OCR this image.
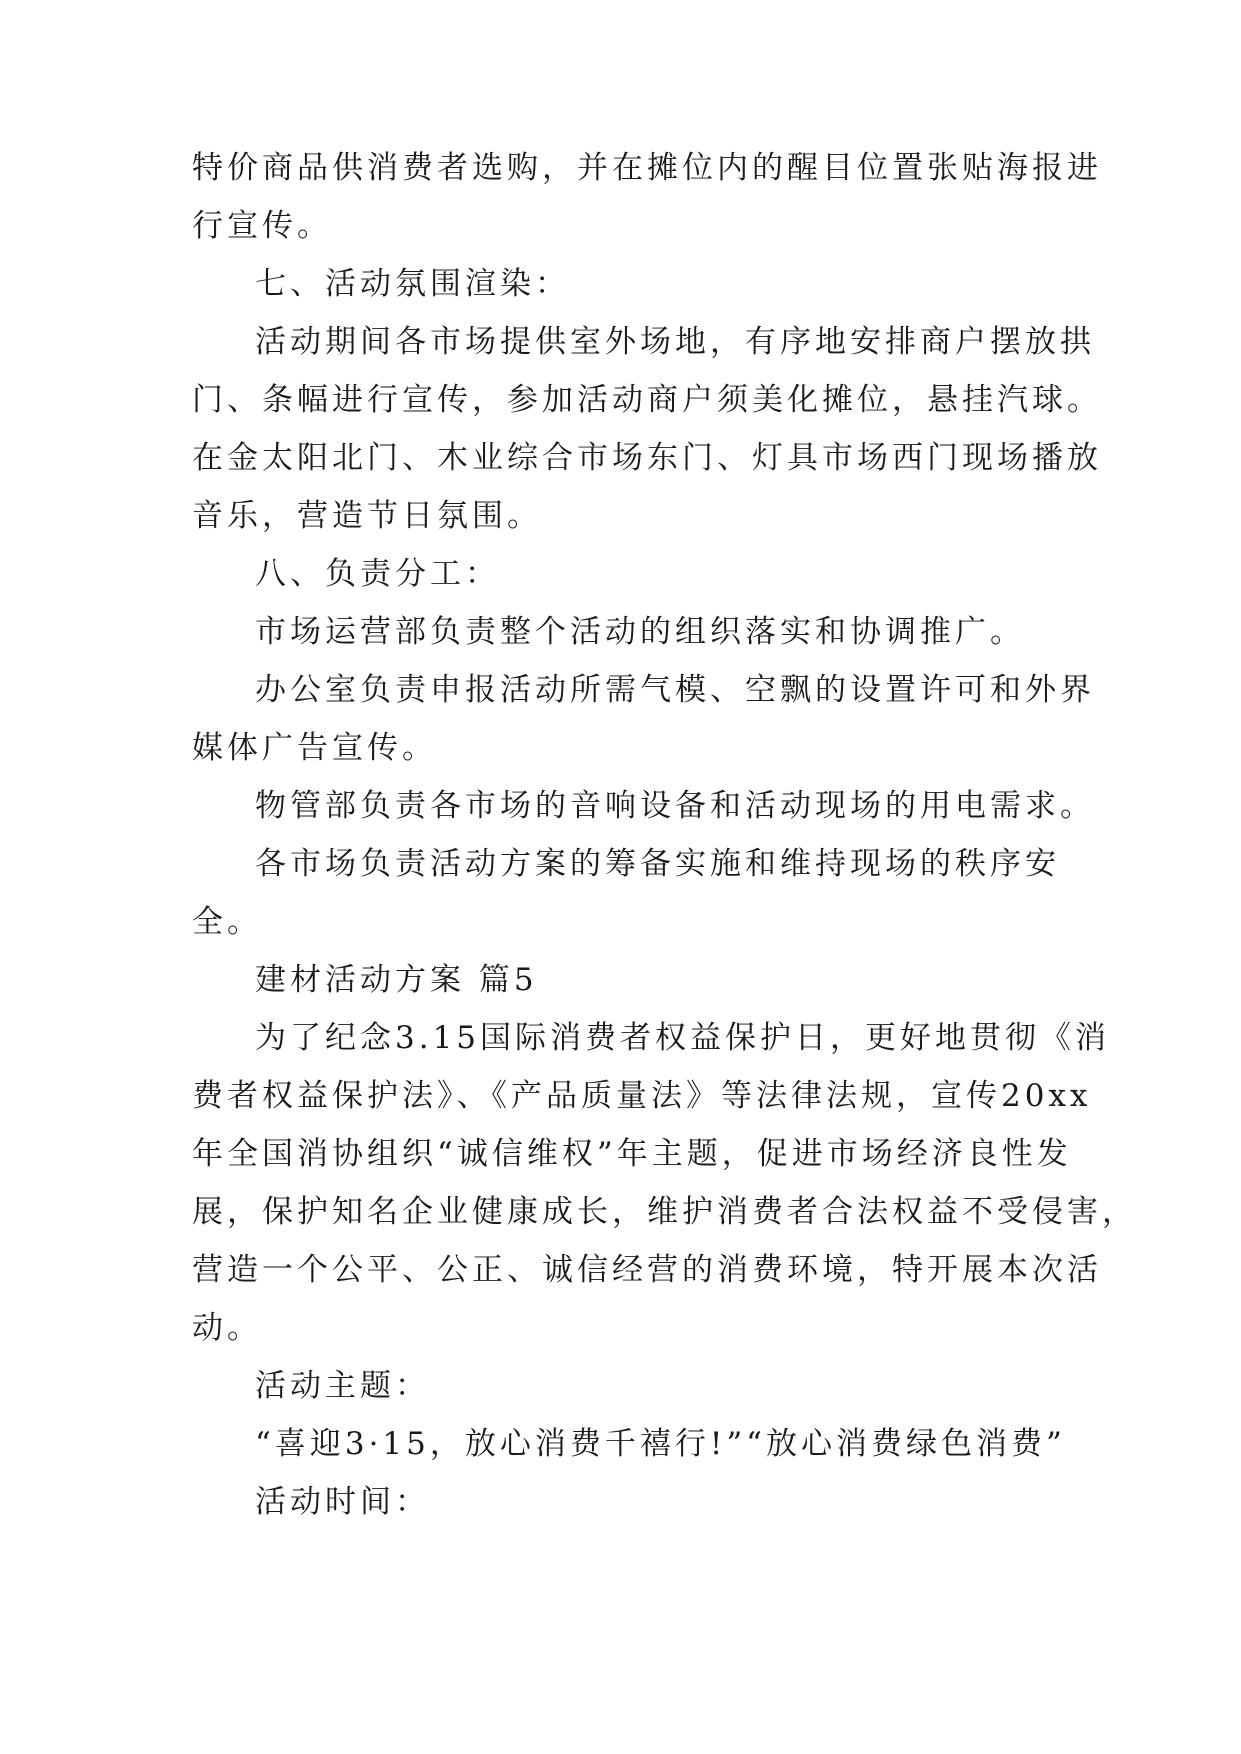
特价商品供消费者选购，并在摊位内的醒目位置张贴海报进
行宣传。
七、活动氛围渲染：
活动期间各市场提供室外场地，有序地安排商户摆放拱
门、条幅进行宣传，参加活动商户须美化摊位，悬挂汽球。
在金太阳北门、木业综合市场东门、灯具市场西门现场播放
音乐，营造节日氛围。
八、负责分工：
市场运营部负责整个活动的组织落实和协调推广。
办公室负责申报活动所需气模、空飘的设置许可和外界
媒体广告宣传。
物管部负责各市场的音响设备和活动现场的用电需求。
各市场负责活动方案的筹备实施和维持现场的秩序安
全。
建材活动方案 篇5
为了纪念3.15国际消费者权益保护日，更好地贯彻《消
费者权益保护法》、《产品质量法》等法律法规，宣传20xx
年全国消协组织“诚信维权”年主题，促进市场经济良性发
展，保护知名企业健康成长，维护消费者合法权益不受侵害，
营造一个公平、公正、诚信经营的消费环境，特开展本次活
动。
活动主题：
“喜迎3·15，放心消费千禧行!”“放心消费绿色消费”
活动时间：
